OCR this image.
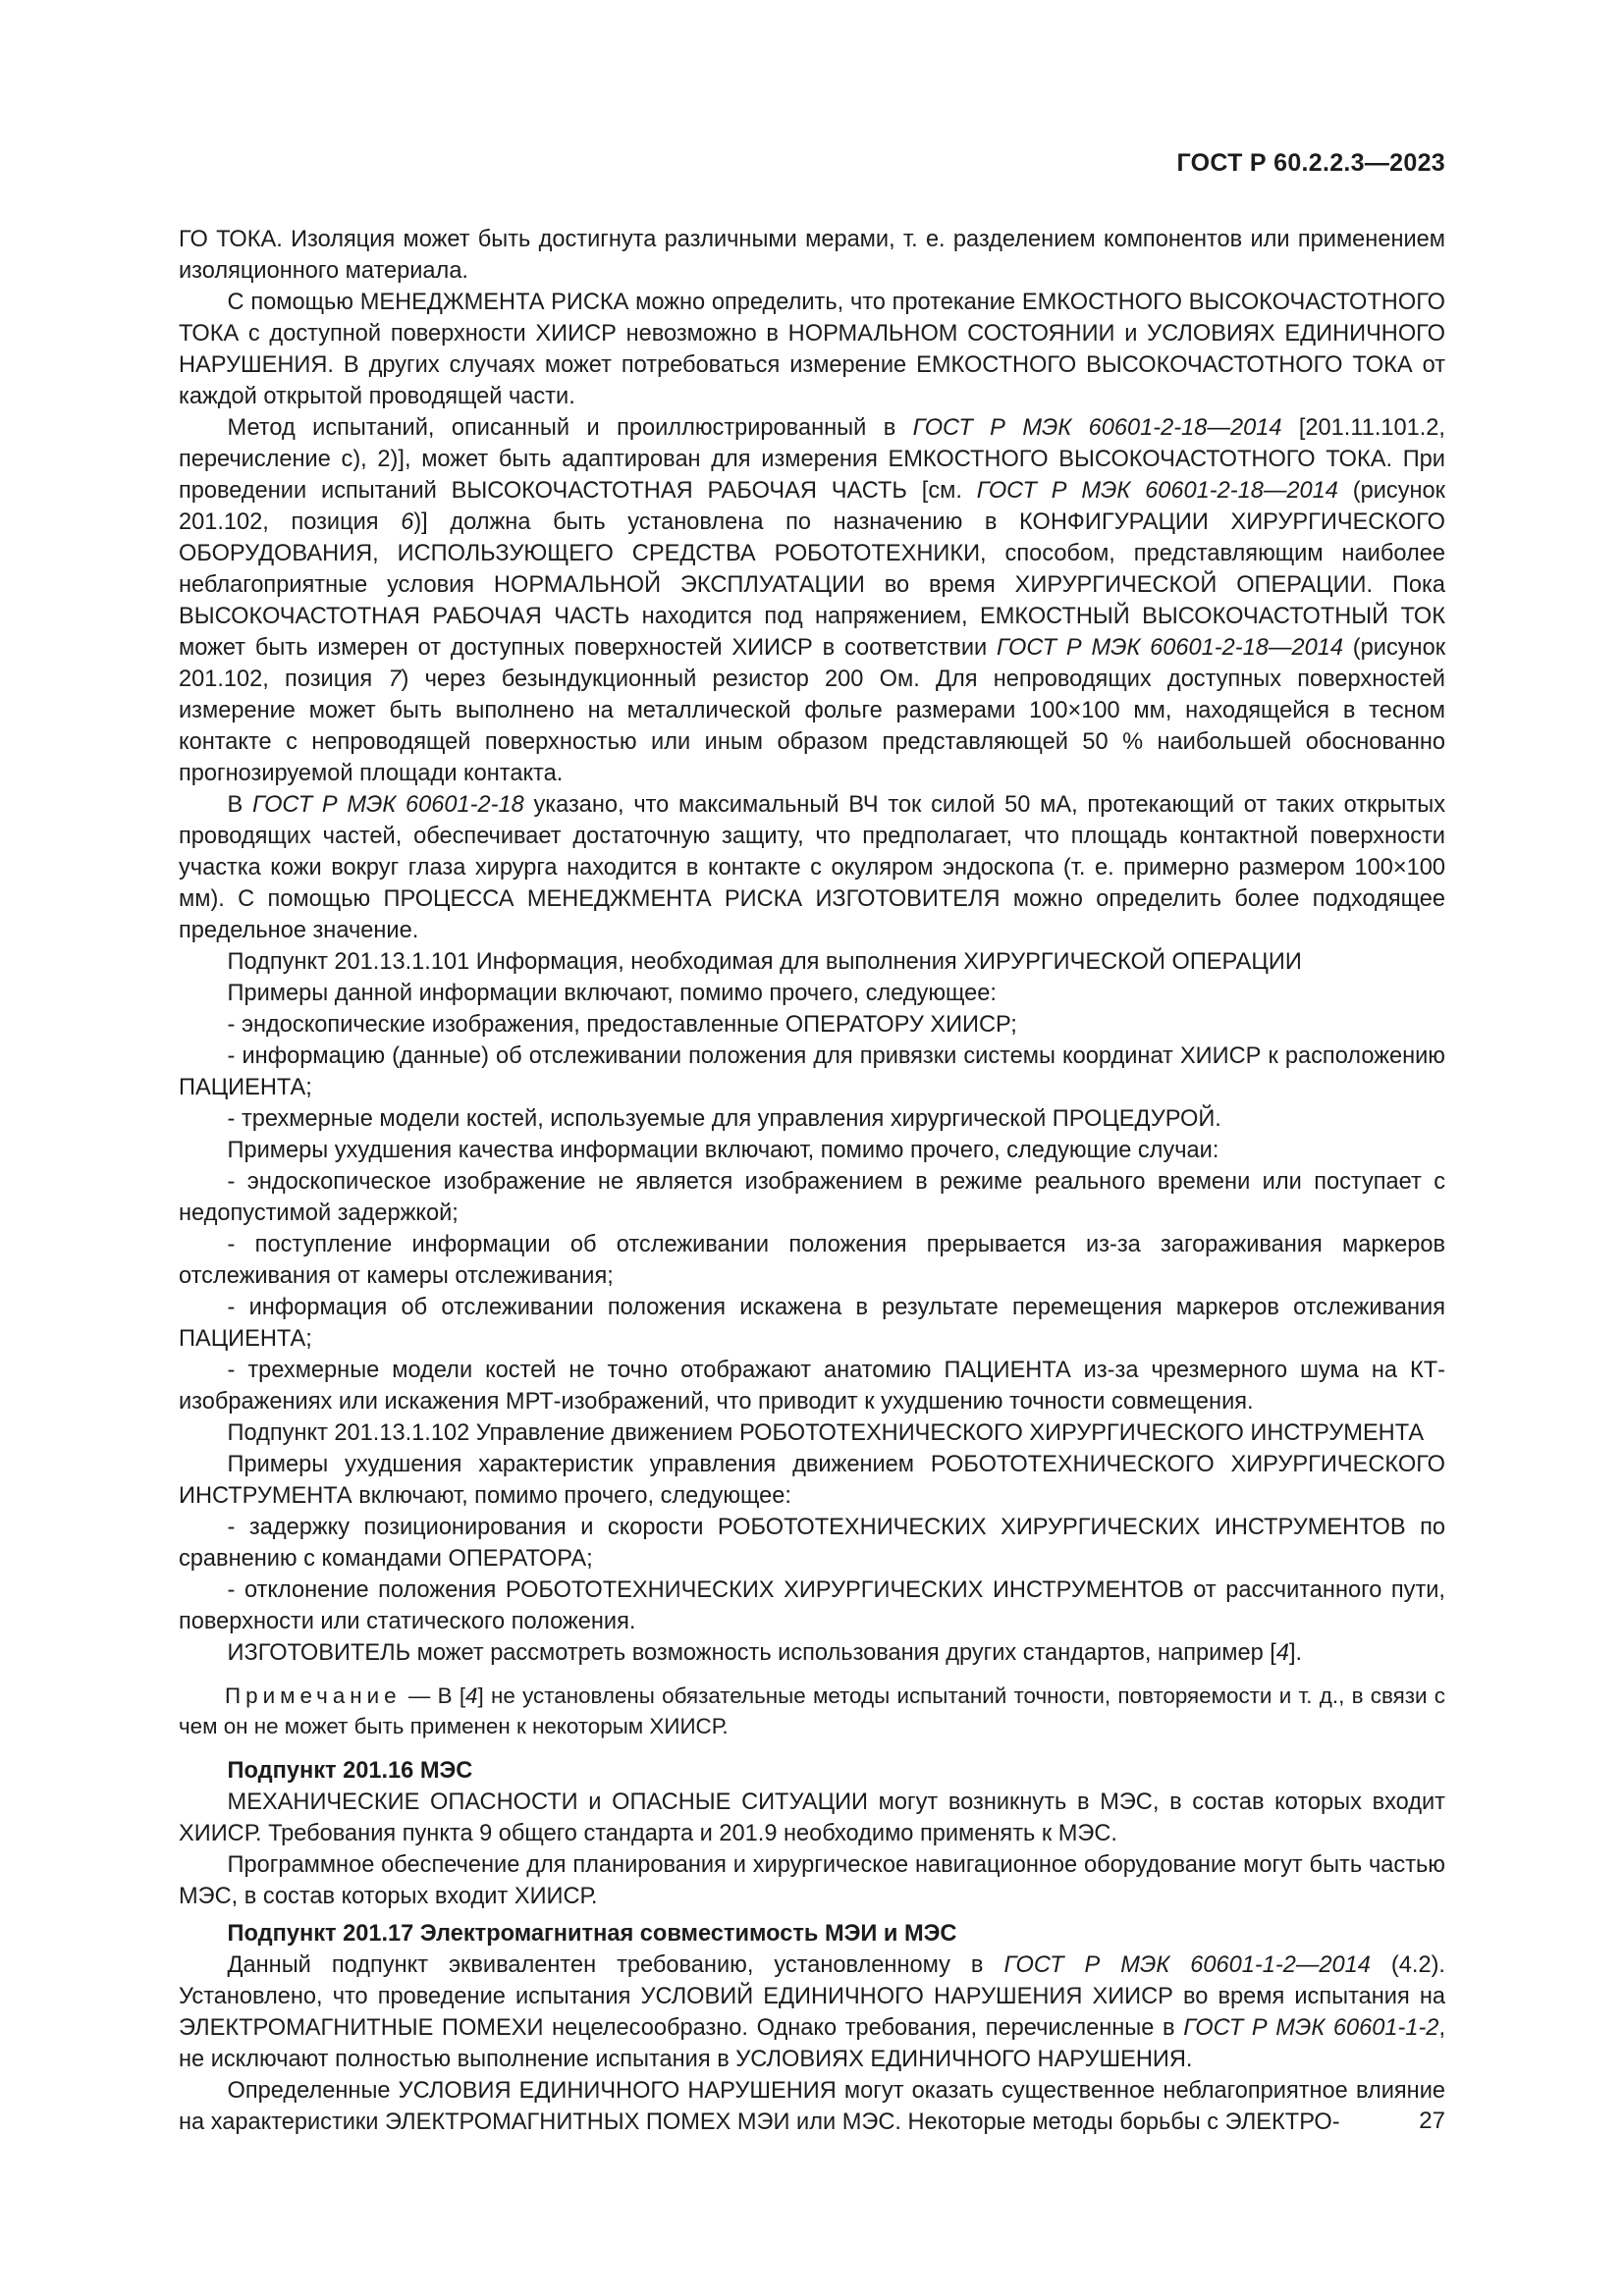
ГОСТ Р 60.2.2.3—2023

ГО ТОКА. Изоляция может быть достигнута различными мерами, т. е. разделением компонентов или применением изоляционного материала.

С помощью МЕНЕДЖМЕНТА РИСКА можно определить, что протекание ЕМКОСТНОГО ВЫСОКОЧАСТОТНОГО ТОКА с доступной поверхности ХИИСР невозможно в НОРМАЛЬНОМ СОСТОЯНИИ и УСЛОВИЯХ ЕДИНИЧНОГО НАРУШЕНИЯ. В других случаях может потребоваться измерение ЕМКОСТНОГО ВЫСОКОЧАСТОТНОГО ТОКА от каждой открытой проводящей части.

Метод испытаний, описанный и проиллюстрированный в ГОСТ Р МЭК 60601-2-18—2014 [201.11.101.2, перечисление c), 2)], может быть адаптирован для измерения ЕМКОСТНОГО ВЫСОКОЧАСТОТНОГО ТОКА. При проведении испытаний ВЫСОКОЧАСТОТНАЯ РАБОЧАЯ ЧАСТЬ [см. ГОСТ Р МЭК 60601-2-18—2014 (рисунок 201.102, позиция 6)] должна быть установлена по назначению в КОНФИГУРАЦИИ ХИРУРГИЧЕСКОГО ОБОРУДОВАНИЯ, ИСПОЛЬЗУЮЩЕГО СРЕДСТВА РОБОТОТЕХНИКИ, способом, представляющим наиболее неблагоприятные условия НОРМАЛЬНОЙ ЭКСПЛУАТАЦИИ во время ХИРУРГИЧЕСКОЙ ОПЕРАЦИИ. Пока ВЫСОКОЧАСТОТНАЯ РАБОЧАЯ ЧАСТЬ находится под напряжением, ЕМКОСТНЫЙ ВЫСОКОЧАСТОТНЫЙ ТОК может быть измерен от доступных поверхностей ХИИСР в соответствии ГОСТ Р МЭК 60601-2-18—2014 (рисунок 201.102, позиция 7) через безындукционный резистор 200 Ом. Для непроводящих доступных поверхностей измерение может быть выполнено на металлической фольге размерами 100×100 мм, находящейся в тесном контакте с непроводящей поверхностью или иным образом представляющей 50 % наибольшей обоснованно прогнозируемой площади контакта.

В ГОСТ Р МЭК 60601-2-18 указано, что максимальный ВЧ ток силой 50 мА, протекающий от таких открытых проводящих частей, обеспечивает достаточную защиту, что предполагает, что площадь контактной поверхности участка кожи вокруг глаза хирурга находится в контакте с окуляром эндоскопа (т. е. примерно размером 100×100 мм). С помощью ПРОЦЕССА МЕНЕДЖМЕНТА РИСКА ИЗГОТОВИТЕЛЯ можно определить более подходящее предельное значение.

Подпункт 201.13.1.101 Информация, необходимая для выполнения ХИРУРГИЧЕСКОЙ ОПЕРАЦИИ

Примеры данной информации включают, помимо прочего, следующее:

- эндоскопические изображения, предоставленные ОПЕРАТОРУ ХИИСР;

- информацию (данные) об отслеживании положения для привязки системы координат ХИИСР к расположению ПАЦИЕНТА;

- трехмерные модели костей, используемые для управления хирургической ПРОЦЕДУРОЙ.

Примеры ухудшения качества информации включают, помимо прочего, следующие случаи:

- эндоскопическое изображение не является изображением в режиме реального времени или поступает с недопустимой задержкой;

- поступление информации об отслеживании положения прерывается из-за загораживания маркеров отслеживания от камеры отслеживания;

- информация об отслеживании положения искажена в результате перемещения маркеров отслеживания ПАЦИЕНТА;

- трехмерные модели костей не точно отображают анатомию ПАЦИЕНТА из-за чрезмерного шума на КТ-изображениях или искажения МРТ-изображений, что приводит к ухудшению точности совмещения.

Подпункт 201.13.1.102 Управление движением РОБОТОТЕХНИЧЕСКОГО ХИРУРГИЧЕСКОГО ИНСТРУМЕНТА

Примеры ухудшения характеристик управления движением РОБОТОТЕХНИЧЕСКОГО ХИРУРГИЧЕСКОГО ИНСТРУМЕНТА включают, помимо прочего, следующее:

- задержку позиционирования и скорости РОБОТОТЕХНИЧЕСКИХ ХИРУРГИЧЕСКИХ ИНСТРУМЕНТОВ по сравнению с командами ОПЕРАТОРА;

- отклонение положения РОБОТОТЕХНИЧЕСКИХ ХИРУРГИЧЕСКИХ ИНСТРУМЕНТОВ от рассчитанного пути, поверхности или статического положения.

ИЗГОТОВИТЕЛЬ может рассмотреть возможность использования других стандартов, например [4].

Примечание — В [4] не установлены обязательные методы испытаний точности, повторяемости и т. д., в связи с чем он не может быть применен к некоторым ХИИСР.

Подпункт 201.16 МЭС

МЕХАНИЧЕСКИЕ ОПАСНОСТИ и ОПАСНЫЕ СИТУАЦИИ могут возникнуть в МЭС, в состав которых входит ХИИСР. Требования пункта 9 общего стандарта и 201.9 необходимо применять к МЭС.

Программное обеспечение для планирования и хирургическое навигационное оборудование могут быть частью МЭС, в состав которых входит ХИИСР.

Подпункт 201.17 Электромагнитная совместимость МЭИ и МЭС

Данный подпункт эквивалентен требованию, установленному в ГОСТ Р МЭК 60601-1-2—2014 (4.2). Установлено, что проведение испытания УСЛОВИЙ ЕДИНИЧНОГО НАРУШЕНИЯ ХИИСР во время испытания на ЭЛЕКТРОМАГНИТНЫЕ ПОМЕХИ нецелесообразно. Однако требования, перечисленные в ГОСТ Р МЭК 60601-1-2, не исключают полностью выполнение испытания в УСЛОВИЯХ ЕДИНИЧНОГО НАРУШЕНИЯ.

Определенные УСЛОВИЯ ЕДИНИЧНОГО НАРУШЕНИЯ могут оказать существенное неблагоприятное влияние на характеристики ЭЛЕКТРОМАГНИТНЫХ ПОМЕХ МЭИ или МЭС. Некоторые методы борьбы с ЭЛЕКТРО-	27
